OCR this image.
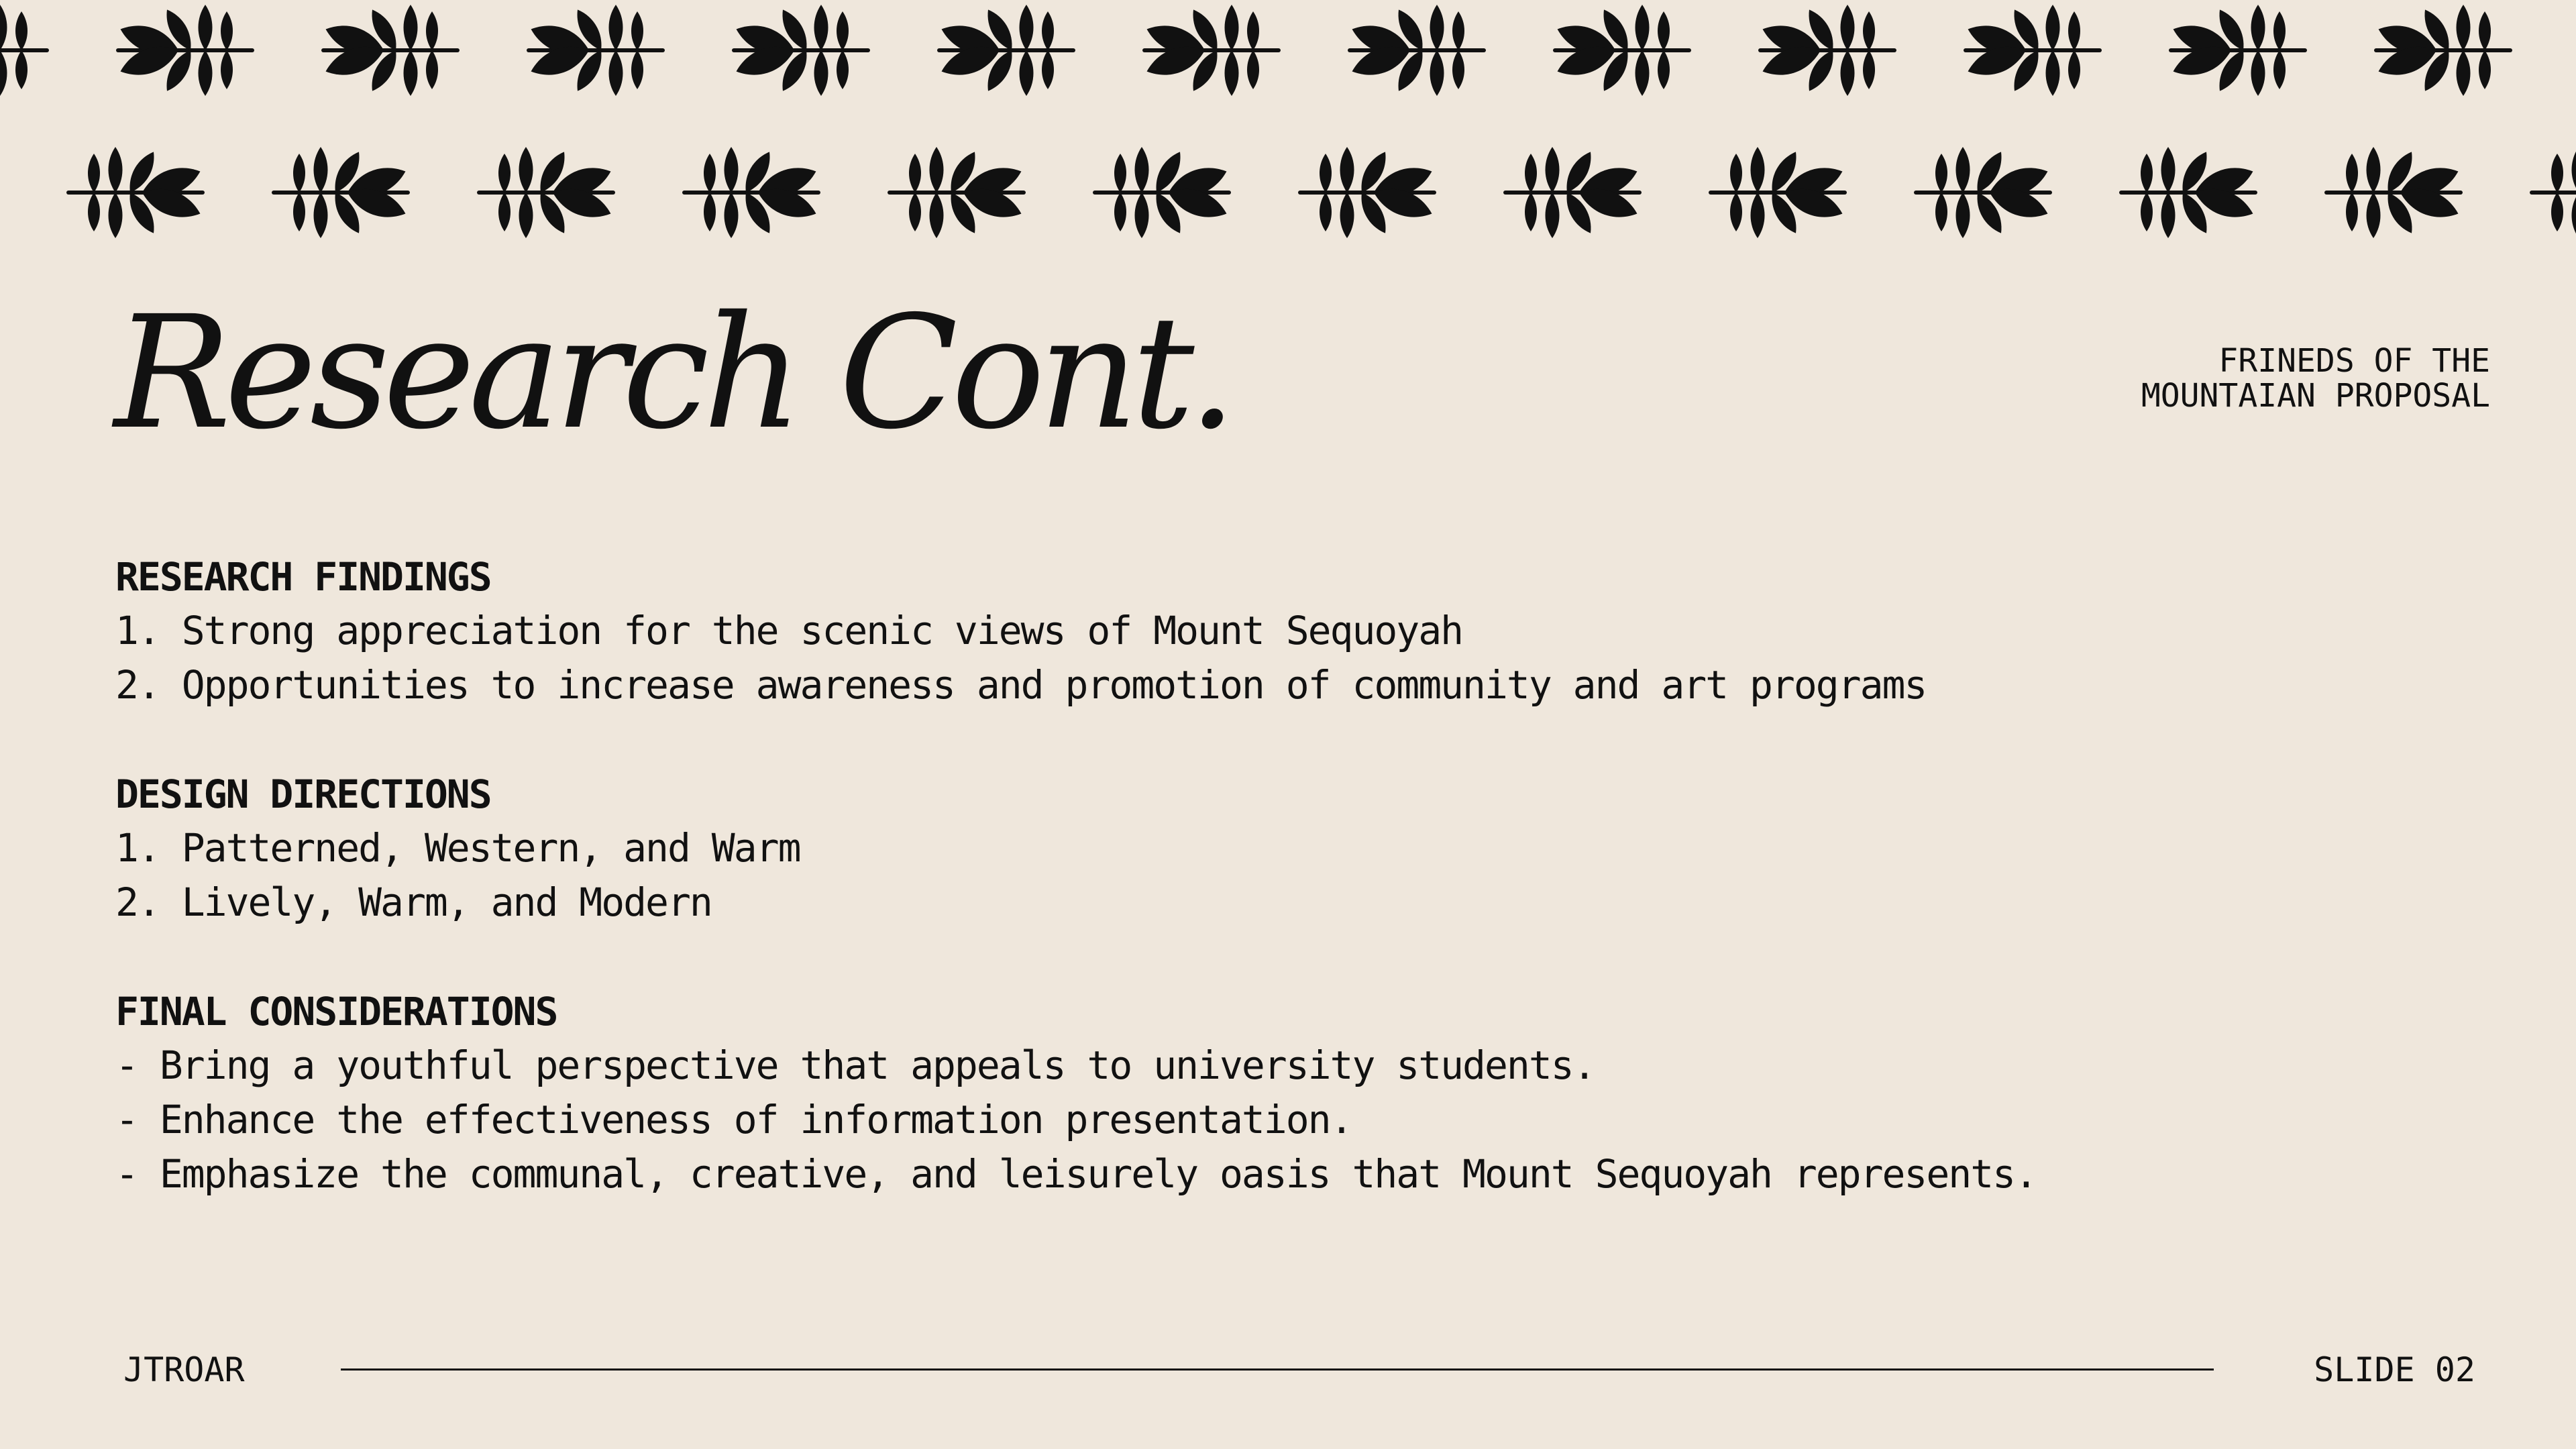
Research Cont.	FRINEDS OF THE
MOUNTAIAN PROPOSAL
RESEARCH FINDINGS
1. Strong appreciation for the scenic views of Mount Sequoyah
2. Opportunities to increase awareness and promotion of community and art programs
DESIGN DIRECTIONS
1. Patterned, Western, and Warm
2. Lively, Warm, and Modern
FINAL CONSIDERATIONS
- Bring a youthful perspective that appeals to university students.
- Enhance the effectiveness of information presentation.
- Emphasize the communal, creative, and leisurely oasis that Mount Sequoyah represents.
JTROAR	SLIDE 02
